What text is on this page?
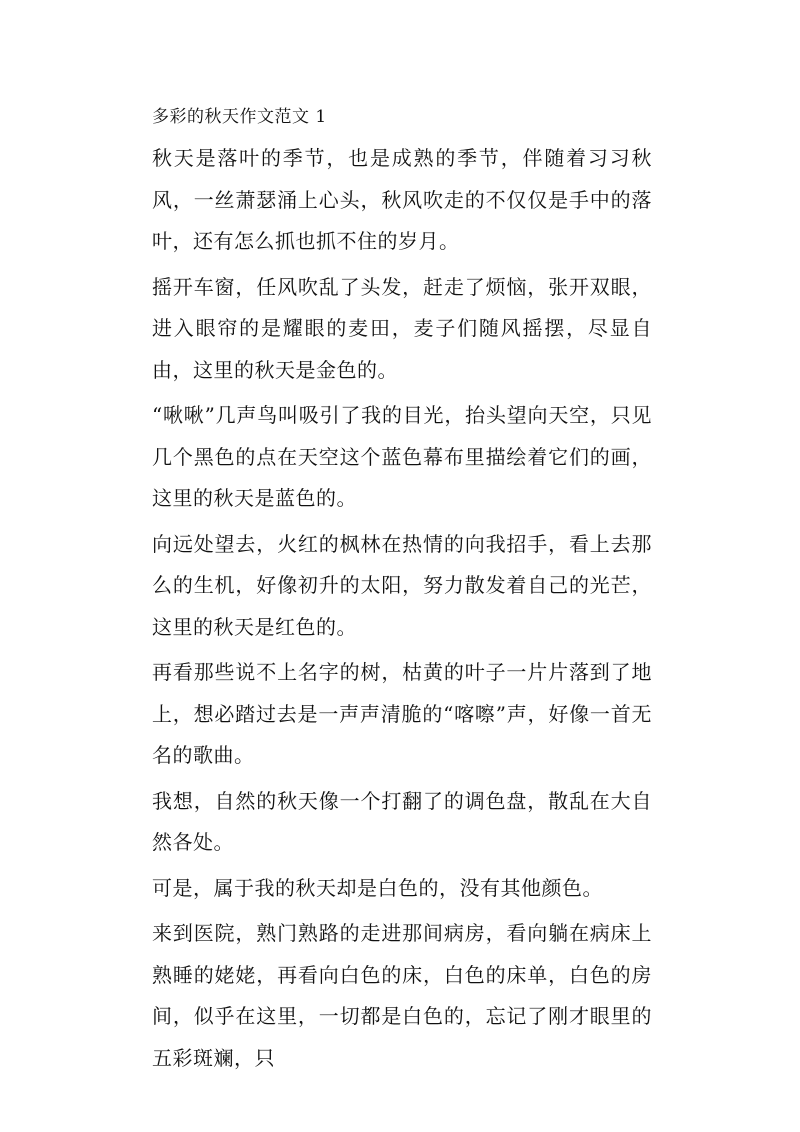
多彩的秋天作文范文 1

秋天是落叶的季节，也是成熟的季节，伴随着习习秋风，一丝萧瑟涌上心头，秋风吹走的不仅仅是手中的落叶，还有怎么抓也抓不住的岁月。

摇开车窗，任风吹乱了头发，赶走了烦恼，张开双眼，进入眼帘的是耀眼的麦田，麦子们随风摇摆，尽显自由，这里的秋天是金色的。

“啾啾”几声鸟叫吸引了我的目光，抬头望向天空，只见几个黑色的点在天空这个蓝色幕布里描绘着它们的画，这里的秋天是蓝色的。

向远处望去，火红的枫林在热情的向我招手，看上去那么的生机，好像初升的太阳，努力散发着自己的光芒，这里的秋天是红色的。

再看那些说不上名字的树，枯黄的叶子一片片落到了地上，想必踏过去是一声声清脆的“喀嚓”声，好像一首无名的歌曲。

我想，自然的秋天像一个打翻了的调色盘，散乱在大自然各处。

可是，属于我的秋天却是白色的，没有其他颜色。

来到医院，熟门熟路的走进那间病房，看向躺在病床上熟睡的姥姥，再看向白色的床，白色的床单，白色的房间，似乎在这里，一切都是白色的，忘记了刚才眼里的五彩斑斓，只
